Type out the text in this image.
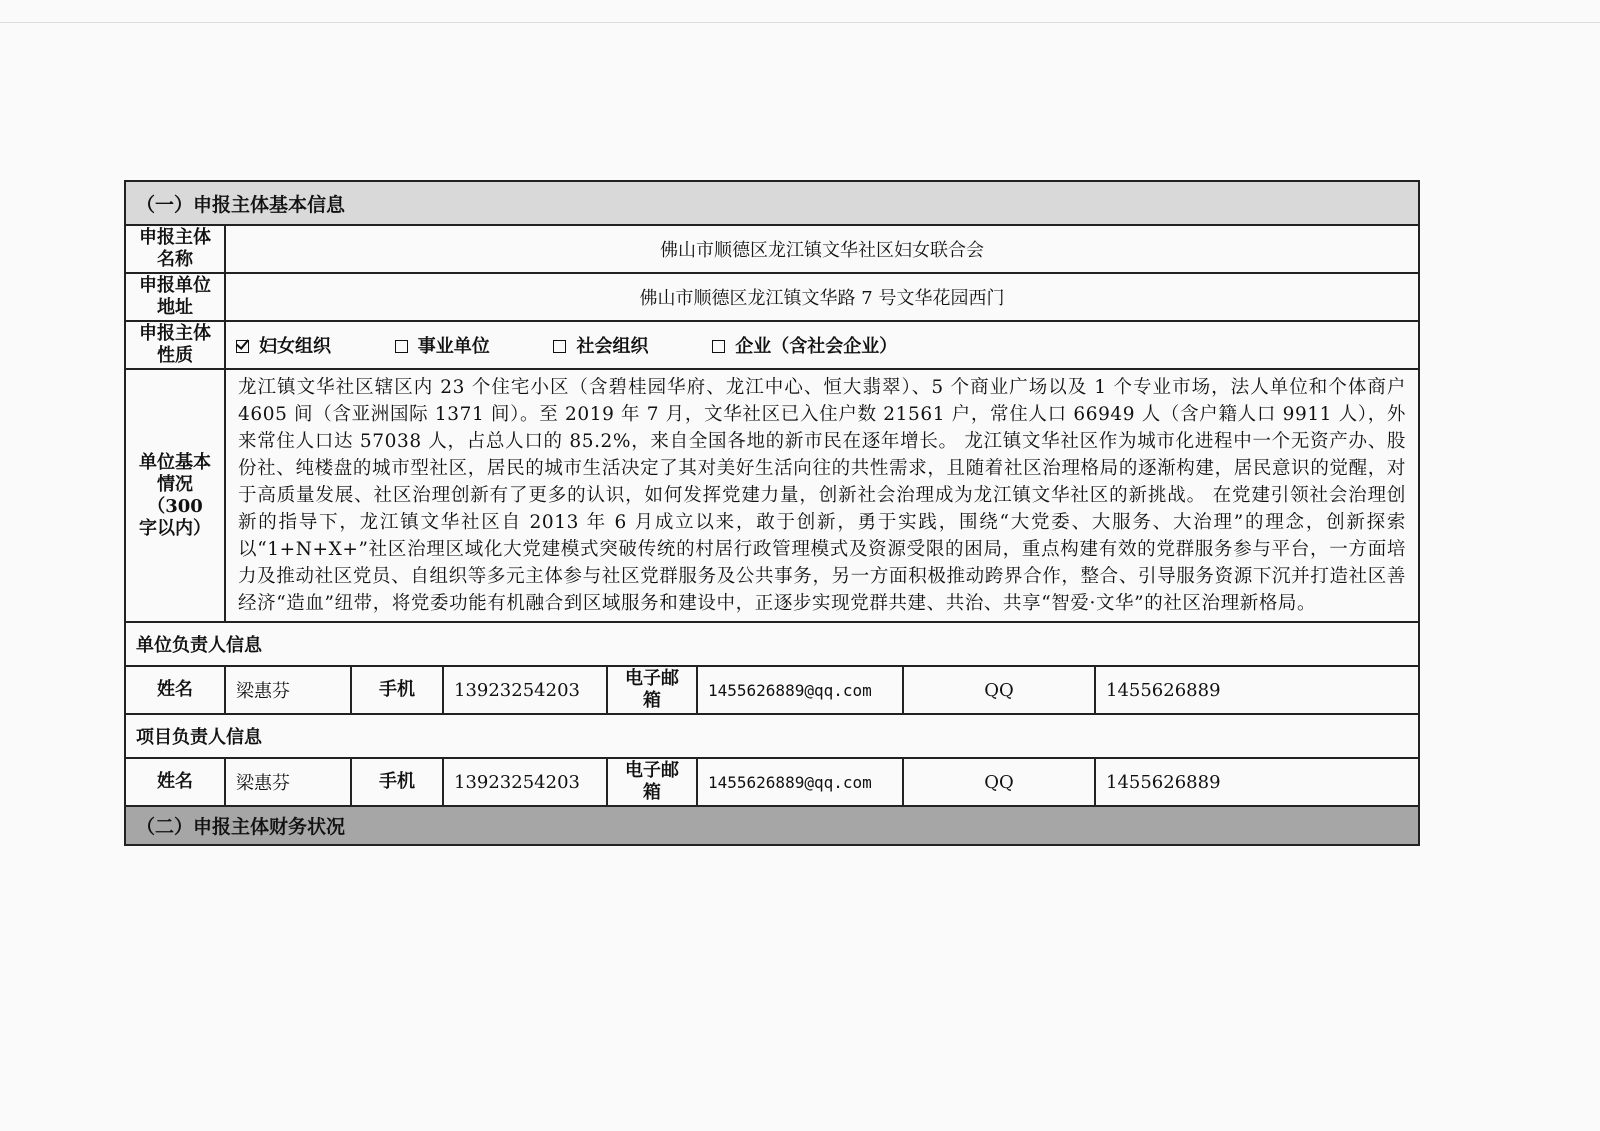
（一）申报主体基本信息							
申报主体名称	佛山市顺德区龙江镇文华社区妇女联合会						
申报单位地址	佛山市顺德区龙江镇文华路 7 号文华花园西门						
申报主体性质	妇女组织 事业单位 社会组织 企业（含社会企业）						
单位基本情况（300 字以内）	龙江镇文华社区辖区内 23 个住宅小区（含碧桂园华府、龙江中心、恒大翡翠）、5 个商业广场以及 1 个专业市场，法人单位和个体商户 4605 间（含亚洲国际 1371 间）。至 2019 年 7 月，文华社区已入住户数 21561 户，常住人口 66949 人（含户籍人口 9911 人），外来常住人口达 57038 人，占总人口的 85.2%，来自全国各地的新市民在逐年增长。 龙江镇文华社区作为城市化进程中一个无资产办、股份社、纯楼盘的城市型社区，居民的城市生活决定了其对美好生活向往的共性需求，且随着社区治理格局的逐渐构建，居民意识的觉醒，对于高质量发展、社区治理创新有了更多的认识，如何发挥党建力量，创新社会治理成为龙江镇文华社区的新挑战。 在党建引领社会治理创新的指导下，龙江镇文华社区自 2013 年 6 月成立以来，敢于创新，勇于实践，围绕“大党委、大服务、大治理”的理念，创新探索以“1+N+X+”社区治理区域化大党建模式突破传统的村居行政管理模式及资源受限的困局，重点构建有效的党群服务参与平台，一方面培力及推动社区党员、自组织等多元主体参与社区党群服务及公共事务，另一方面积极推动跨界合作，整合、引导服务资源下沉并打造社区善经济“造血”纽带，将党委功能有机融合到区域服务和建设中，正逐步实现党群共建、共治、共享“智爱·文华”的社区治理新格局。						
单位负责人信息							
姓名	梁惠芬	手机	13923254203	电子邮箱	1455626889@qq.com	QQ	1455626889
项目负责人信息							
姓名	梁惠芬	手机	13923254203	电子邮箱	1455626889@qq.com	QQ	1455626889
（二）申报主体财务状况							
